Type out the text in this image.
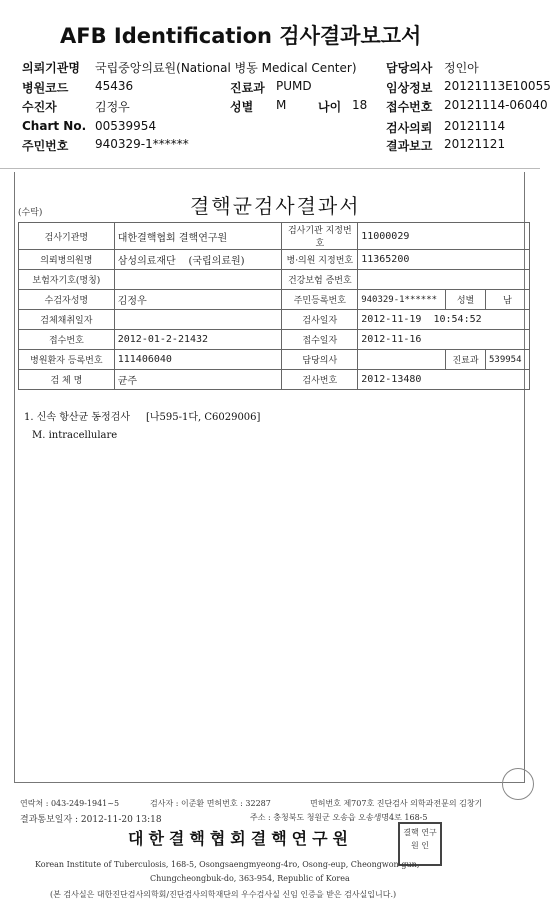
AFB Identification 검사결과보고서
의뢰기관명 국립중앙의료원(National 병동 Medical Center) 담당의사 정인아
병원코드 45436	진료과 PUMD	임상정보 20121113E10055
수진자	김정우	성별 M	나이 18 접수번호 20121114-06040
Chart No. 00539954	검사의뢰 20121114
주민번호 940329-1******	결과보고 20121121
(수탁)	결핵균검사결과서
검사기관명	대한결핵협회 결핵연구원	검사기관 지정번호	11000029		
의뢰병의원명	삼성의료재단 (국립의료원)	병·의원 지정번호	11365200		
보험자기호(명칭)		건강보험 증번호			
수검자성명	김정우	주민등록번호	940329-1******	성별	남
검체채취일자		검사일자	2012-11-19 10:54:52		
접수번호	2012-01-2-21432	접수일자	2012-11-16		
병원환자 등록번호	111406040	담당의사		진료과	539954
검 체 명	균주	검사번호	2012-13480		
1. 신속 항산균 동정검사 [나595-1다, C6029006]
M. intracellulare
연락처 : 043-249-1941~5	검사자 : 이준환 면허번호 : 32287	면허번호 제707호 진단검사 의학과전문의 김창기
결과통보일자 : 2012-11-20 13:18	주소 : 충청북도 청원군 오송읍 오송생명4로 168-5
대한결핵협회결핵연구원	결핵 연구원 인
Korean Institute of Tuberculosis, 168-5, Osongsaengmyeong-4ro, Osong-eup, Cheongwon-gun,
Chungcheongbuk-do, 363-954, Republic of Korea
(본 검사실은 대한진단검사의학회/진단검사의학재단의 우수검사실 신임 인증을 받은 검사실입니다.)
